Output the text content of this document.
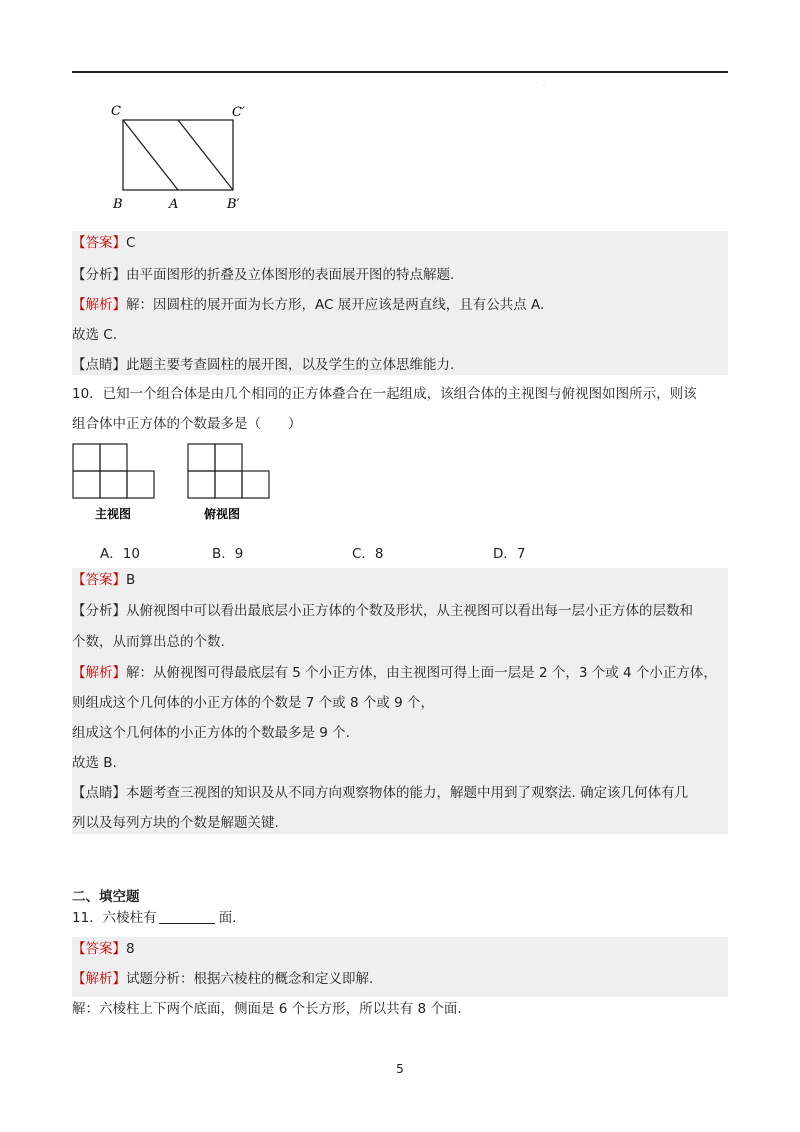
·
C	C′
B	A	B′
【答案】C
【分析】由平面图形的折叠及立体图形的表面展开图的特点解题.
【解析】解：因圆柱的展开面为长方形，AC 展开应该是两直线，且有公共点 A.
故选 C.
【点睛】此题主要考查圆柱的展开图，以及学生的立体思维能力.
10．已知一个组合体是由几个相同的正方体叠合在一起组成，该组合体的主视图与俯视图如图所示，则该
组合体中正方体的个数最多是（　　）
主视图	俯视图
A．10	B．9	C．8	D．7
【答案】B
【分析】从俯视图中可以看出最底层小正方体的个数及形状，从主视图可以看出每一层小正方体的层数和
个数，从而算出总的个数.
【解析】解：从俯视图可得最底层有 5 个小正方体，由主视图可得上面一层是 2 个，3 个或 4 个小正方体，
则组成这个几何体的小正方体的个数是 7 个或 8 个或 9 个，
组成这个几何体的小正方体的个数最多是 9 个.
故选 B.
【点睛】本题考查三视图的知识及从不同方向观察物体的能力，解题中用到了观察法. 确定该几何体有几
列以及每列方块的个数是解题关键.
二、填空题
11．六棱柱有	面.
【答案】8
【解析】试题分析：根据六棱柱的概念和定义即解.
解：六棱柱上下两个底面，侧面是 6 个长方形，所以共有 8 个面.
5
